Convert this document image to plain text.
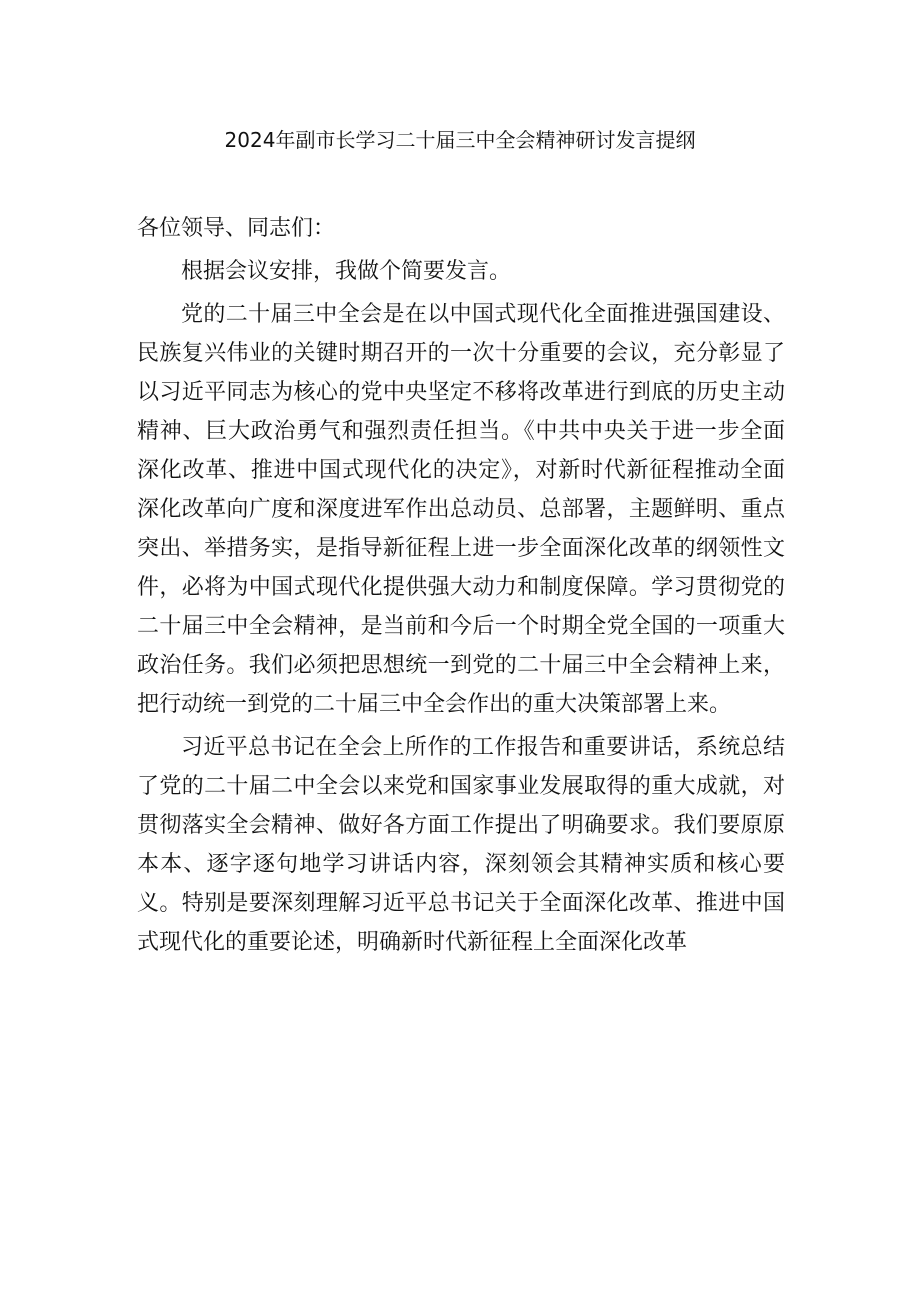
2024年副市长学习二十届三中全会精神研讨发言提纲

各位领导、同志们：

根据会议安排，我做个简要发言。

党的二十届三中全会是在以中国式现代化全面推进强国建设、民族复兴伟业的关键时期召开的一次十分重要的会议，充分彰显了以习近平同志为核心的党中央坚定不移将改革进行到底的历史主动精神、巨大政治勇气和强烈责任担当。《中共中央关于进一步全面深化改革、推进中国式现代化的决定》，对新时代新征程推动全面深化改革向广度和深度进军作出总动员、总部署，主题鲜明、重点突出、举措务实，是指导新征程上进一步全面深化改革的纲领性文件，必将为中国式现代化提供强大动力和制度保障。学习贯彻党的二十届三中全会精神，是当前和今后一个时期全党全国的一项重大政治任务。我们必须把思想统一到党的二十届三中全会精神上来，把行动统一到党的二十届三中全会作出的重大决策部署上来。

习近平总书记在全会上所作的工作报告和重要讲话，系统总结了党的二十届二中全会以来党和国家事业发展取得的重大成就，对贯彻落实全会精神、做好各方面工作提出了明确要求。我们要原原本本、逐字逐句地学习讲话内容，深刻领会其精神实质和核心要义。特别是要深刻理解习近平总书记关于全面深化改革、推进中国式现代化的重要论述，明确新时代新征程上全面深化改革
